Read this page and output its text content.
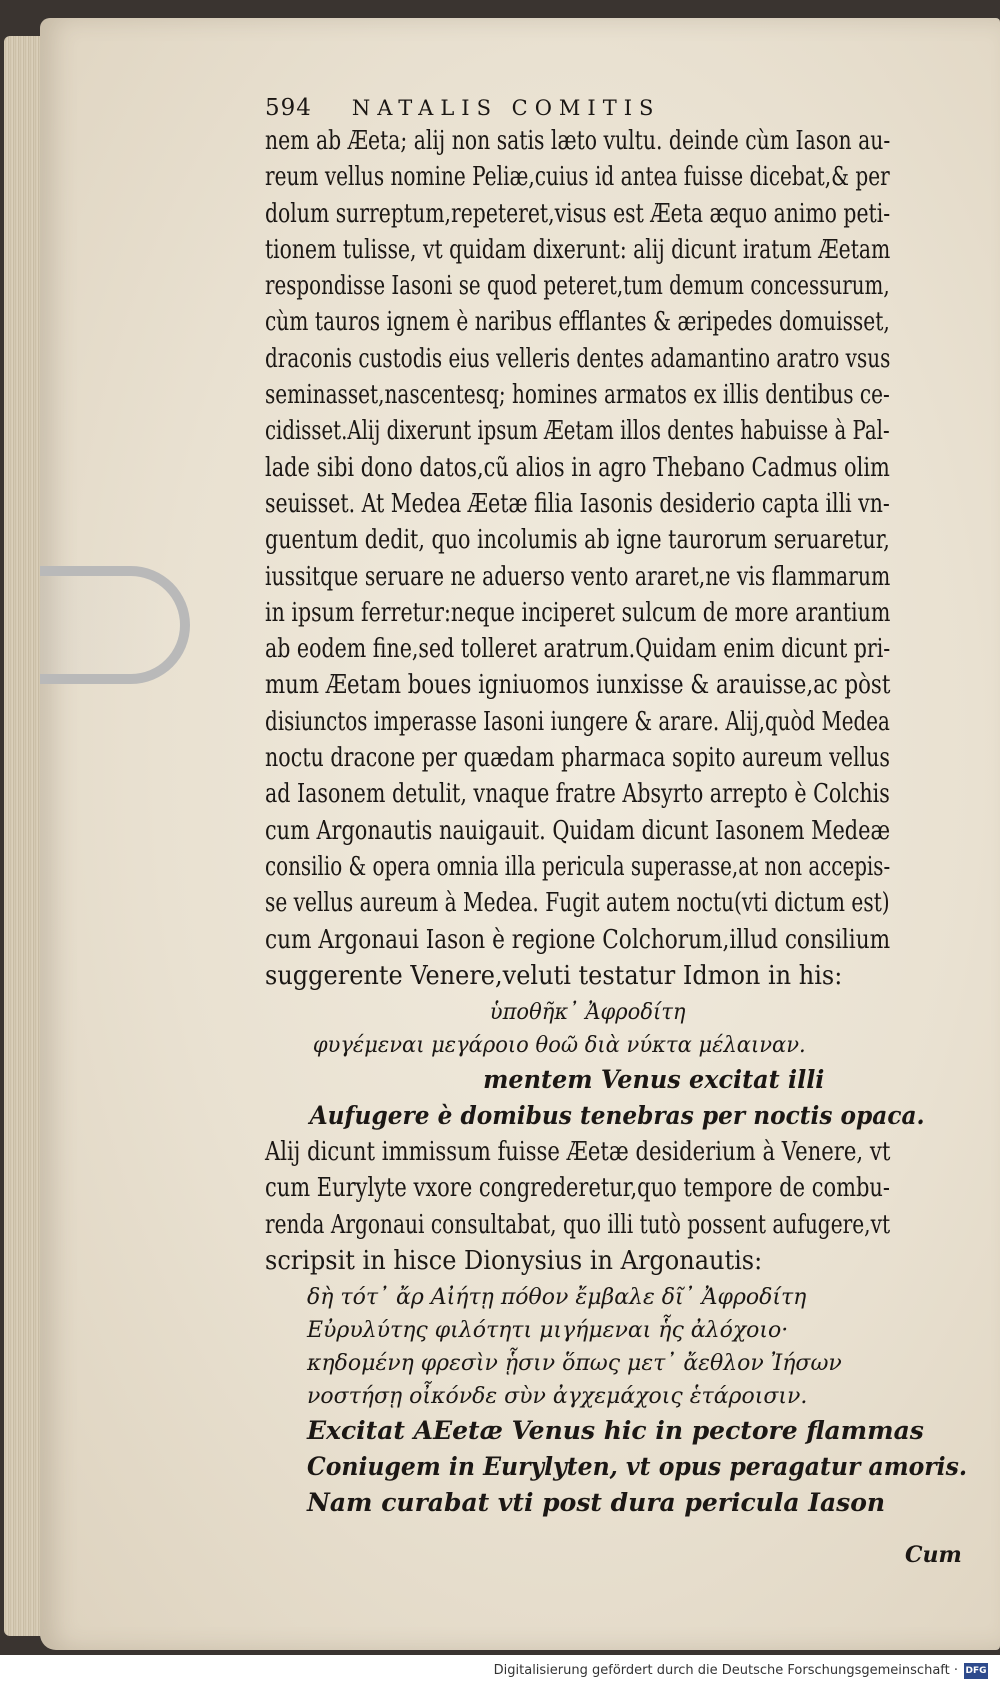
594 NATALIS COMITIS
nem ab Æeta; alij non satis læto vultu. deinde cùm Iason au-
reum vellus nomine Peliæ,cuius id antea fuisse dicebat,& per
dolum surreptum,repeteret,visus est Æeta æquo animo peti-
tionem tulisse, vt quidam dixerunt: alij dicunt iratum Æetam
respondisse Iasoni se quod peteret,tum demum concessurum,
cùm tauros ignem è naribus efflantes & æripedes domuisset,
draconis custodis eius velleris dentes adamantino aratro vsus
seminasset,nascentesq; homines armatos ex illis dentibus ce-
cidisset.Alij dixerunt ipsum Æetam illos dentes habuisse à Pal-
lade sibi dono datos,cũ alios in agro Thebano Cadmus olim
seuisset. At Medea Æetæ filia Iasonis desiderio capta illi vn-
guentum dedit, quo incolumis ab igne taurorum seruaretur,
iussitque seruare ne aduerso vento araret,ne vis flammarum
in ipsum ferretur:neque inciperet sulcum de more arantium
ab eodem fine,sed tolleret aratrum.Quidam enim dicunt pri-
mum Æetam boues igniuomos iunxisse & arauisse,ac pòst
disiunctos imperasse Iasoni iungere & arare. Alij,quòd Medea
noctu dracone per quædam pharmaca sopito aureum vellus
ad Iasonem detulit, vnaque fratre Absyrto arrepto è Colchis
cum Argonautis nauigauit. Quidam dicunt Iasonem Medeæ
consilio & opera omnia illa pericula superasse,at non accepis-
se vellus aureum à Medea. Fugit autem noctu(vti dictum est)
cum Argonaui Iason è regione Colchorum,illud consilium
suggerente Venere,veluti testatur Idmon in his:
ὑποθῆκ᾽ Ἀφροδίτη
φυγέμεναι μεγάροιο θοῶ διὰ νύκτα μέλαιναν.
mentem Venus excitat illi
Aufugere è domibus tenebras per noctis opaca.
Alij dicunt immissum fuisse Æetæ desiderium à Venere, vt
cum Eurylyte vxore congrederetur,quo tempore de combu-
renda Argonaui consultabat, quo illi tutò possent aufugere,vt
scripsit in hisce Dionysius in Argonautis:
δὴ τότ᾽ ἄρ Αἰήτῃ πόθον ἔμβαλε δῖ᾽ Ἀφροδίτη
Εὐρυλύτης φιλότητι μιγήμεναι ἧς ἀλόχοιο·
κηδομένη φρεσὶν ᾗσιν ὅπως μετ᾽ ἄεθλον Ἰήσων
νοστήσῃ οἶκόνδε σὺν ἀγχεμάχοις ἑτάροισιν.
Excitat AEetæ Venus hic in pectore flammas
Coniugem in Eurylyten, vt opus peragatur amoris.
Nam curabat vti post dura pericula Iason
Cum
Digitalisierung gefördert durch die Deutsche Forschungsgemeinschaft · DFG
